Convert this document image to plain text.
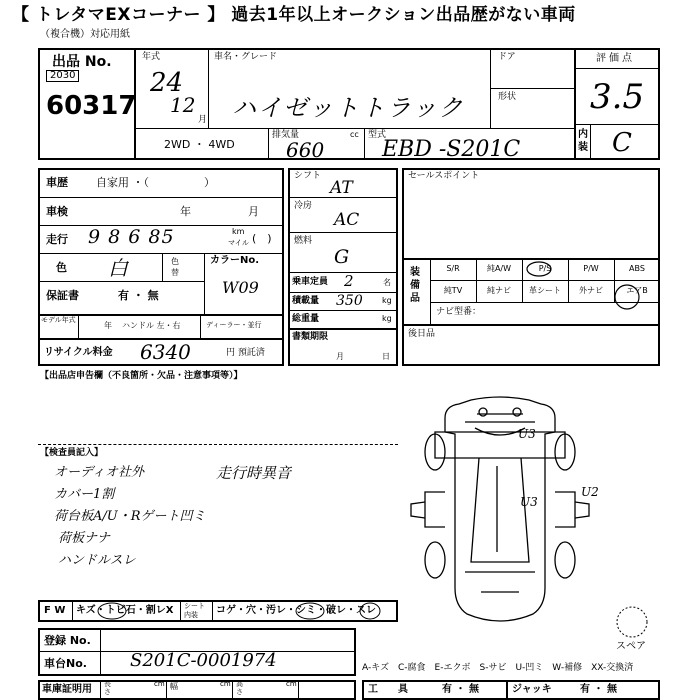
【 トレタマEXコーナー 】 過去1年以上オークション出品歴がない車両
（複合機）対応用紙
出品 No.
2030
60317
年式
24
12
月
車名・グレード
ハイゼットトラック
ドア
形状
評価点
3.5
内装 C
2WD ・ 4WD
排気量	cc
660
型式
EBD -S201C
車歴	自家用 ・（　　　　　）
車検	年	月
走行 9 8 6 85	km
マイル (　)
色 白	色替
カラーNo.
W09
保証書	有 ・ 無
モデル年式
年 ハンドル 左・右	ディーラー・並行
リサイクル料金 6340	円 預託済
シフト
AT
冷房
AC
燃料
G
乗車定員 2	名
積載量 350 kg
総重量	kg
書類期限
月	日
セールスポイント
装備品
S/R	純A/W	P/S	P/W	ABS
純TV	純ナビ	革シート	外ナビ	エアB
ナビ型番：
後日品
【出品店申告欄（不良箇所・欠品・注意事項等）】
【検査員記入】
オーディオ社外
カバー1割
荷台板A/U・Rゲート凹ミ
荷板ナナ
ハンドルスレ
走行時異音
U3
U3
U2
スペア
F W キズ・トビ石・割レX シート内装	コゲ・穴・汚レ・シミ・破レ・スレ
登録 No.
車台No. S201C-0001974	A-キズ　C-腐食　E-エクボ　S-サビ　U-凹ミ　W-補修　XX-交換済
車庫証明用 長さ
cm 幅	cm 高さ
cm	工　　具	有 ・ 無	ジャッキ	有 ・ 無
